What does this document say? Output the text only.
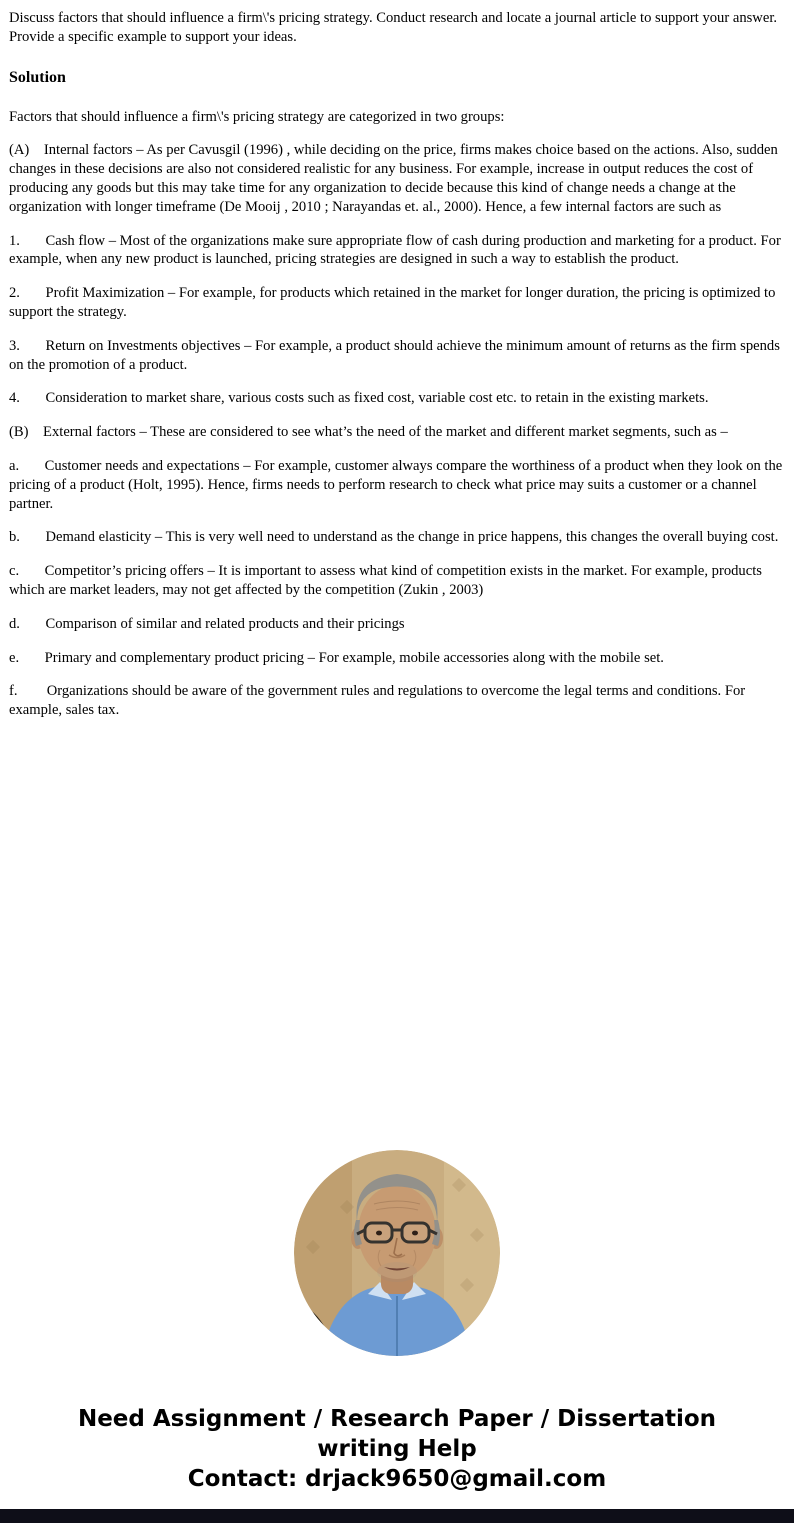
Discuss factors that should influence a firm\'s pricing strategy. Conduct research and locate a journal article to support your answer. Provide a specific example to support your ideas.

Solution

Factors that should influence a firm\'s pricing strategy are categorized in two groups:

(A)    Internal factors – As per Cavusgil (1996) , while deciding on the price, firms makes choice based on the actions. Also, sudden changes in these decisions are also not considered realistic for any business. For example, increase in output reduces the cost of producing any goods but this may take time for any organization to decide because this kind of change needs a change at the organization with longer timeframe (De Mooij , 2010 ; Narayandas et. al., 2000). Hence, a few internal factors are such as

1.       Cash flow – Most of the organizations make sure appropriate flow of cash during production and marketing for a product. For example, when any new product is launched, pricing strategies are designed in such a way to establish the product.

2.       Profit Maximization – For example, for products which retained in the market for longer duration, the pricing is optimized to support the strategy.

3.       Return on Investments objectives – For example, a product should achieve the minimum amount of returns as the firm spends on the promotion of a product.

4.       Consideration to market share, various costs such as fixed cost, variable cost etc. to retain in the existing markets.

(B)    External factors – These are considered to see what’s the need of the market and different market segments, such as –

a.       Customer needs and expectations – For example, customer always compare the worthiness of a product when they look on the pricing of a product (Holt, 1995). Hence, firms needs to perform research to check what price may suits a customer or a channel partner.

b.       Demand elasticity – This is very well need to understand as the change in price happens, this changes the overall buying cost.

c.       Competitor’s pricing offers – It is important to assess what kind of competition exists in the market. For example, products which are market leaders, may not get affected by the competition (Zukin , 2003)

d.       Comparison of similar and related products and their pricings

e.       Primary and complementary product pricing – For example, mobile accessories along with the mobile set.

f.        Organizations should be aware of the government rules and regulations to overcome the legal terms and conditions. For example, sales tax.

Need Assignment / Research Paper / Dissertation
writing Help
Contact: drjack9650@gmail.com
